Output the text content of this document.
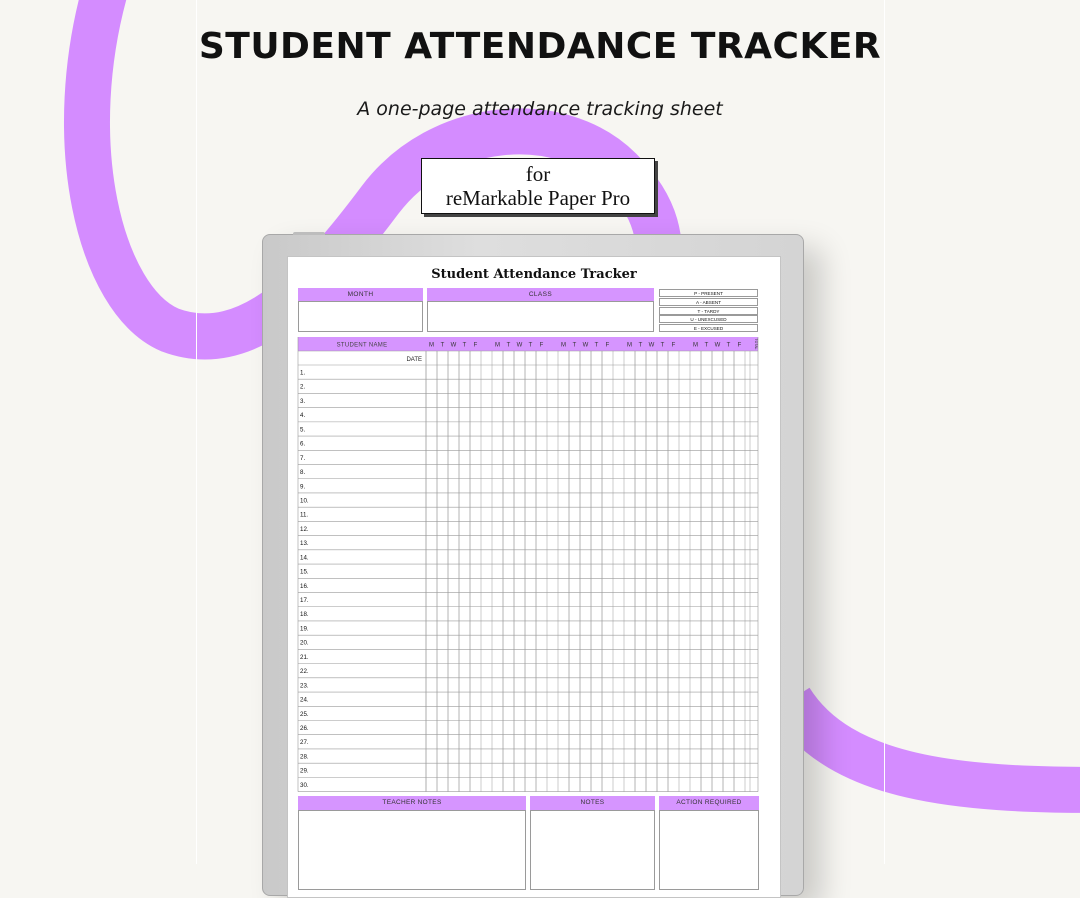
STUDENT ATTENDANCE TRACKER
A one-page attendance tracking sheet
for
reMarkable Paper Pro
Student Attendance Tracker
MONTH	CLASS	P - PRESENT
A - ABSENT
T - TARDY
U - UNEXCUSED
E - EXCUSED
STUDENT NAME	M T W T F	M T W T F	M T W T F	M T W T F	M T W T F	TOTAL
DATE
1.
2.
3.
4.
5.
6.
7.
8.
9.
10.
11.
12.
13.
14.
15.
16.
17.
18.
19.
20.
21.
22.
23.
24.
25.
26.
27.
28.
29.
30.
TEACHER NOTES	NOTES	ACTION REQUIRED
